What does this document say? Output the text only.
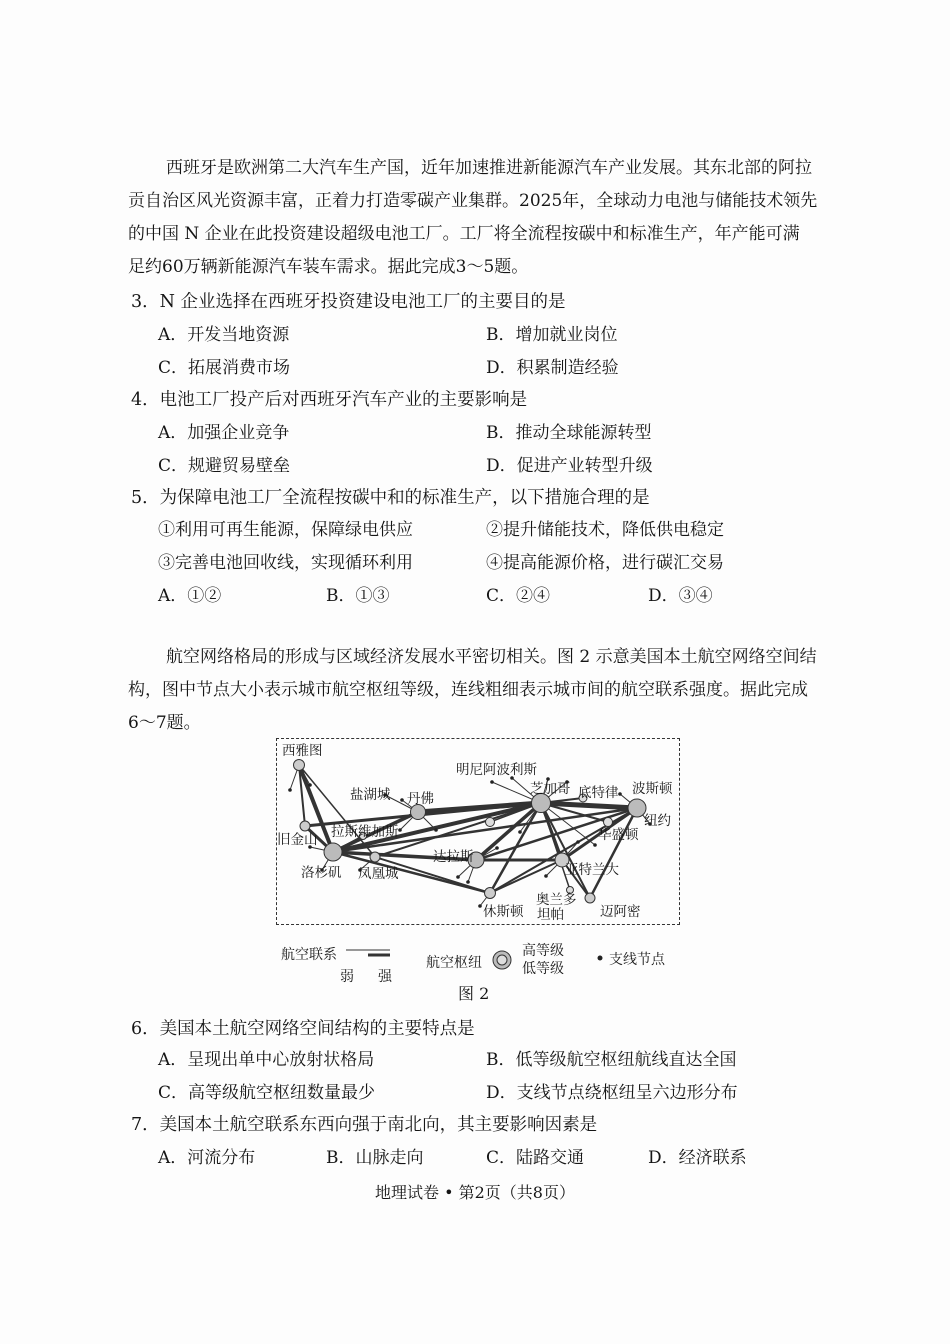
西班牙是欧洲第二大汽车生产国，近年加速推进新能源汽车产业发展。其东北部的阿拉

贡自治区风光资源丰富，正着力打造零碳产业集群。2025年，全球动力电池与储能技术领先

的中国 N 企业在此投资建设超级电池工厂。工厂将全流程按碳中和标准生产，年产能可满

足约60万辆新能源汽车装车需求。据此完成3～5题。

3．N 企业选择在西班牙投资建设电池工厂的主要目的是
A．开发当地资源	B．增加就业岗位
C．拓展消费市场	D．积累制造经验
4．电池工厂投产后对西班牙汽车产业的主要影响是
A．加强企业竞争	B．推动全球能源转型
C．规避贸易壁垒	D．促进产业转型升级
5．为保障电池工厂全流程按碳中和的标准生产，以下措施合理的是
①利用可再生能源，保障绿电供应	②提升储能技术，降低供电稳定
③完善电池回收线，实现循环利用	④提高能源价格，进行碳汇交易
A．①②	B．①③	C．②④	D．③④

航空网络格局的形成与区域经济发展水平密切相关。图 2 示意美国本土航空网络空间结

构，图中节点大小表示城市航空枢纽等级，连线粗细表示城市间的航空联系强度。据此完成

6～7题。

西雅图
盐湖城 丹佛
明尼阿波利斯
芝加哥 底特律 波斯顿
纽约
华盛顿
旧金山 拉斯维加斯
洛杉矶 凤凰城
达拉斯
亚特兰大
休斯顿
奥兰多
坦帕	迈阿密
航空联系
弱 强
航空枢纽
高等级
低等级
支线节点
图 2
6．美国本土航空网络空间结构的主要特点是
A．呈现出单中心放射状格局	B．低等级航空枢纽航线直达全国
C．高等级航空枢纽数量最少	D．支线节点绕枢纽呈六边形分布
7．美国本土航空联系东西向强于南北向，其主要影响因素是
A．河流分布	B．山脉走向	C．陆路交通	D．经济联系
地理试卷 • 第2页（共8页）
